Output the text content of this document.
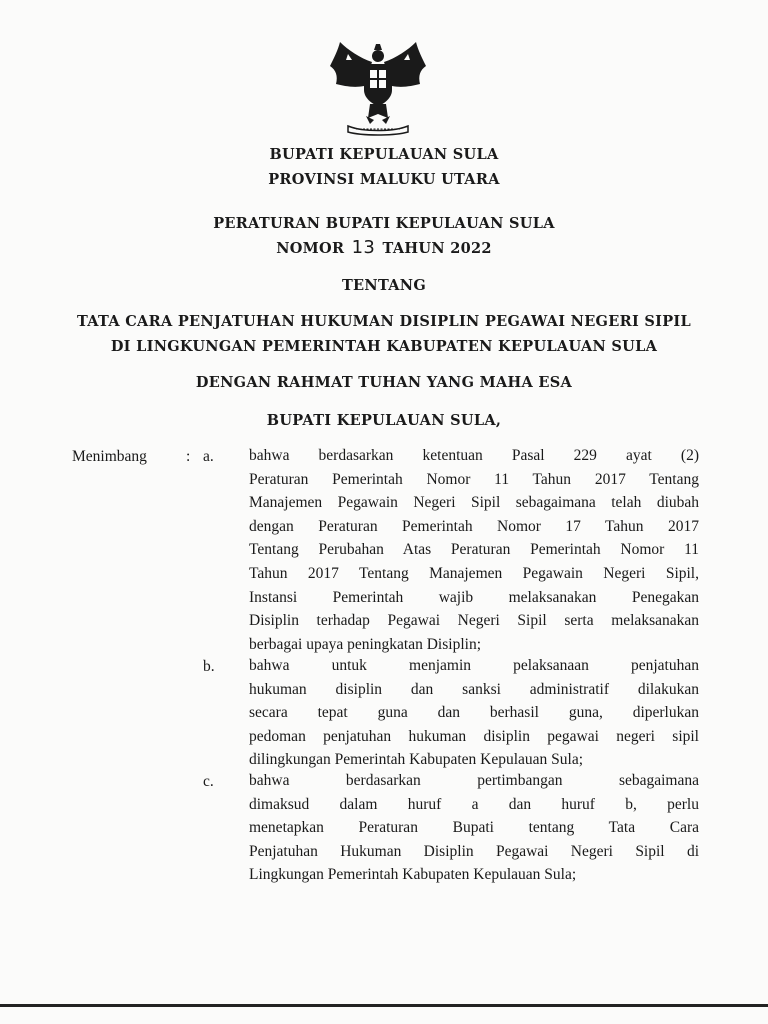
BUPATI KEPULAUAN SULA
PROVINSI MALUKU UTARA
PERATURAN BUPATI KEPULAUAN SULA
NOMOR 13 TAHUN 2022
TENTANG
TATA CARA PENJATUHAN HUKUMAN DISIPLIN PEGAWAI NEGERI SIPIL
DI LINGKUNGAN PEMERINTAH KABUPATEN KEPULAUAN SULA
DENGAN RAHMAT TUHAN YANG MAHA ESA
BUPATI KEPULAUAN SULA,
Menimbang	: a. bahwa berdasarkan ketentuan Pasal 229 ayat (2)
Peraturan Pemerintah Nomor 11 Tahun 2017 Tentang
Manajemen Pegawain Negeri Sipil sebagaimana telah diubah
dengan Peraturan Pemerintah Nomor 17 Tahun 2017
Tentang Perubahan Atas Peraturan Pemerintah Nomor 11
Tahun 2017 Tentang Manajemen Pegawain Negeri Sipil,
Instansi Pemerintah wajib melaksanakan Penegakan
Disiplin terhadap Pegawai Negeri Sipil serta melaksanakan
berbagai upaya peningkatan Disiplin;
b. bahwa untuk menjamin pelaksanaan penjatuhan
hukuman disiplin dan sanksi administratif dilakukan
secara tepat guna dan berhasil guna, diperlukan
pedoman penjatuhan hukuman disiplin pegawai negeri sipil
dilingkungan Pemerintah Kabupaten Kepulauan Sula;
c. bahwa berdasarkan pertimbangan sebagaimana
dimaksud dalam huruf a dan huruf b, perlu
menetapkan Peraturan Bupati tentang Tata Cara
Penjatuhan Hukuman Disiplin Pegawai Negeri Sipil di
Lingkungan Pemerintah Kabupaten Kepulauan Sula;
